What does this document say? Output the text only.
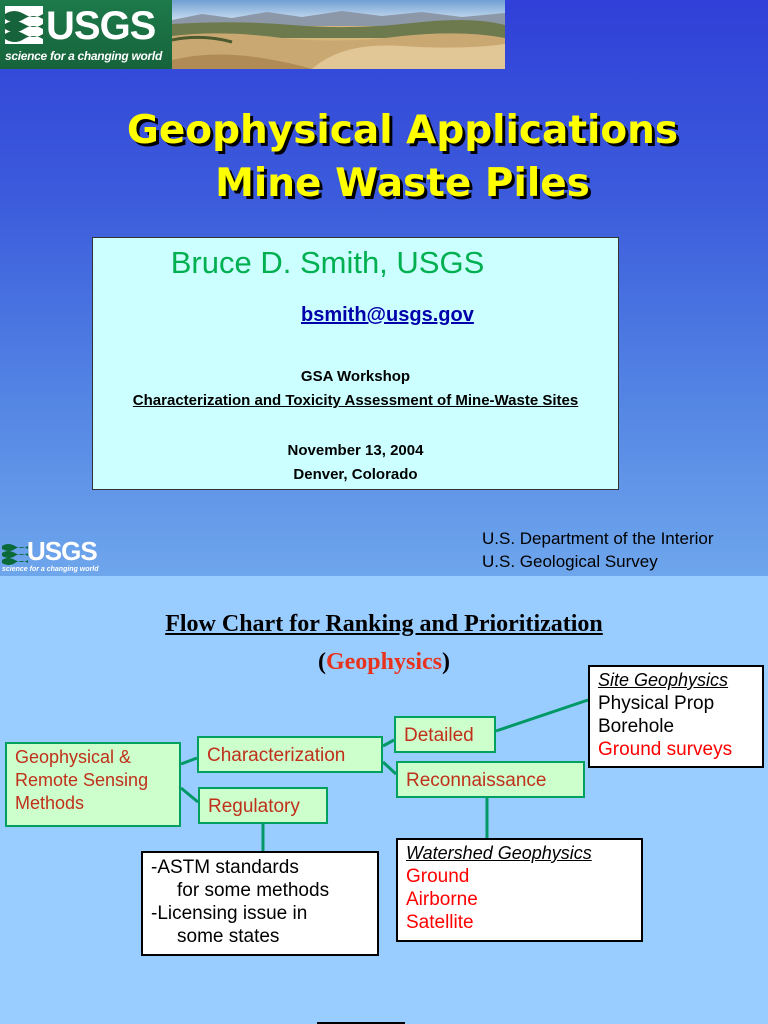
USGS
science for a changing world
Geophysical Applications
Mine Waste Piles
Bruce D. Smith, USGS
bsmith@usgs.gov
GSA Workshop
Characterization and Toxicity Assessment of Mine-Waste Sites
November 13, 2004
Denver, Colorado
USGS
science for a changing world
U.S. Department of the Interior
U.S. Geological Survey
Flow Chart for Ranking and Prioritization
(Geophysics)
Geophysical &
Remote Sensing
Methods
Characterization
Regulatory
Detailed
Reconnaissance
Site Geophysics
Physical Prop
Borehole
Ground surveys
-ASTM standards
for some methods
-Licensing issue in
some states
Watershed Geophysics
Ground
Airborne
Satellite
